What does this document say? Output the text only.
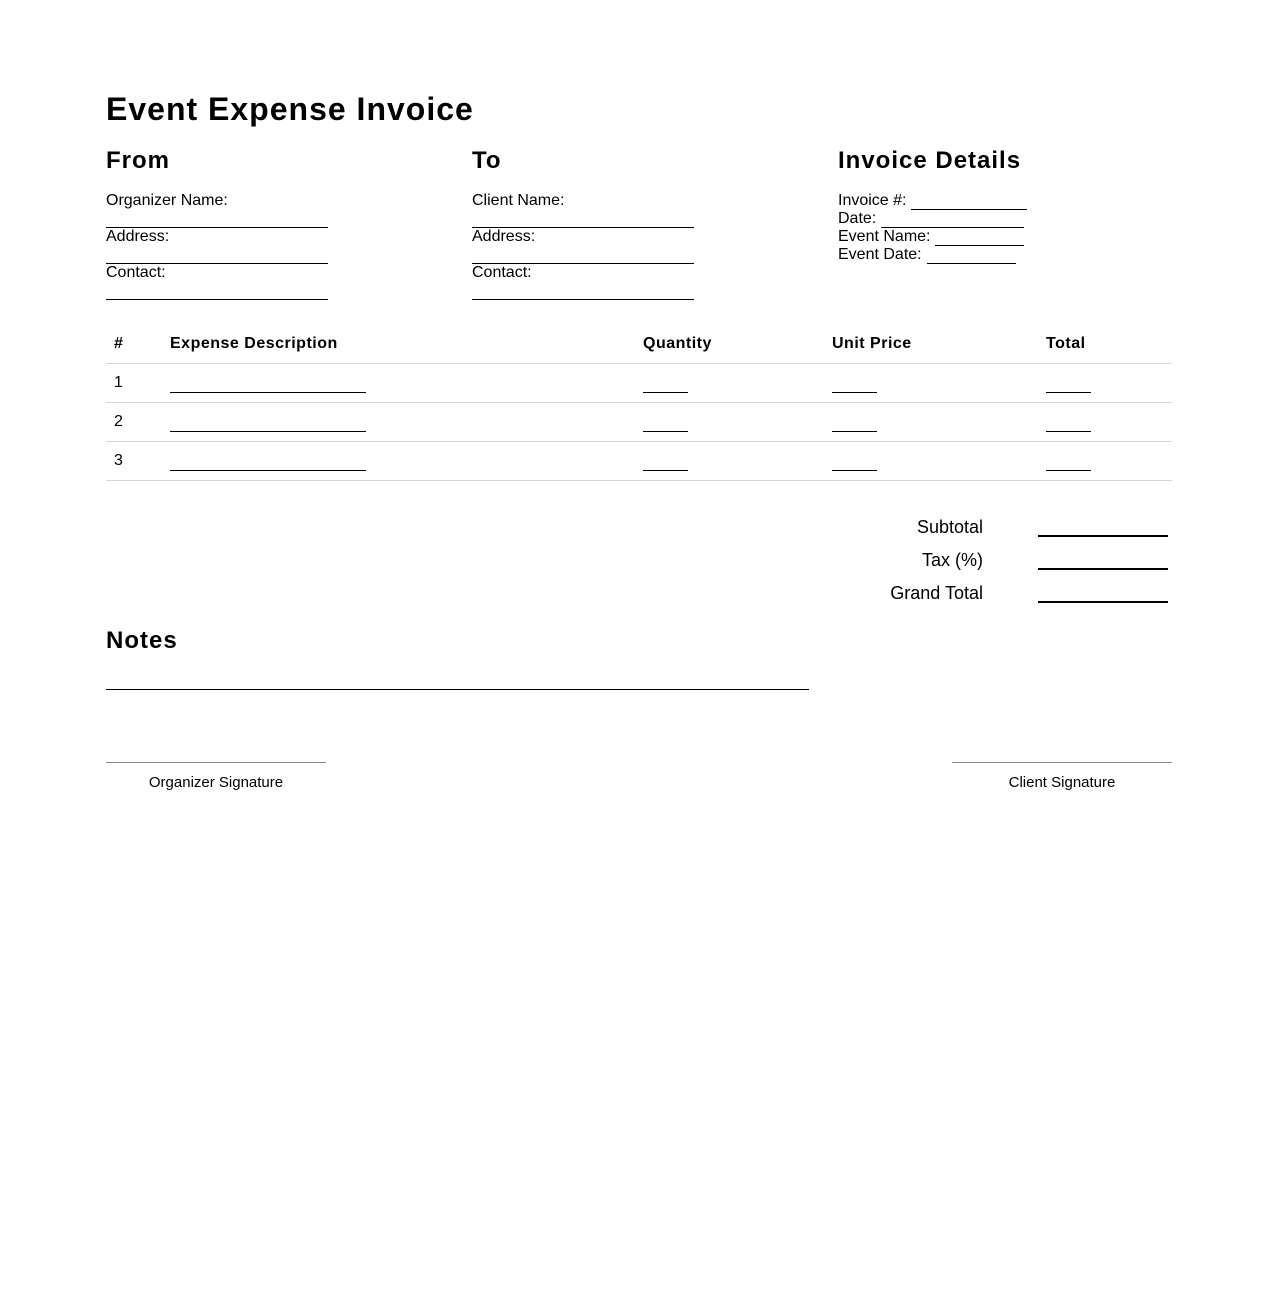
Event Expense Invoice
From
Organizer Name:
Address:
Contact:
To
Client Name:
Address:
Contact:
Invoice Details
Invoice #:
Date:
Event Name:
Event Date:
#	Expense Description	Quantity	Unit Price	Total
1				
2				
3				
Subtotal
Tax (%)
Grand Total
Notes
Organizer Signature	Client Signature
